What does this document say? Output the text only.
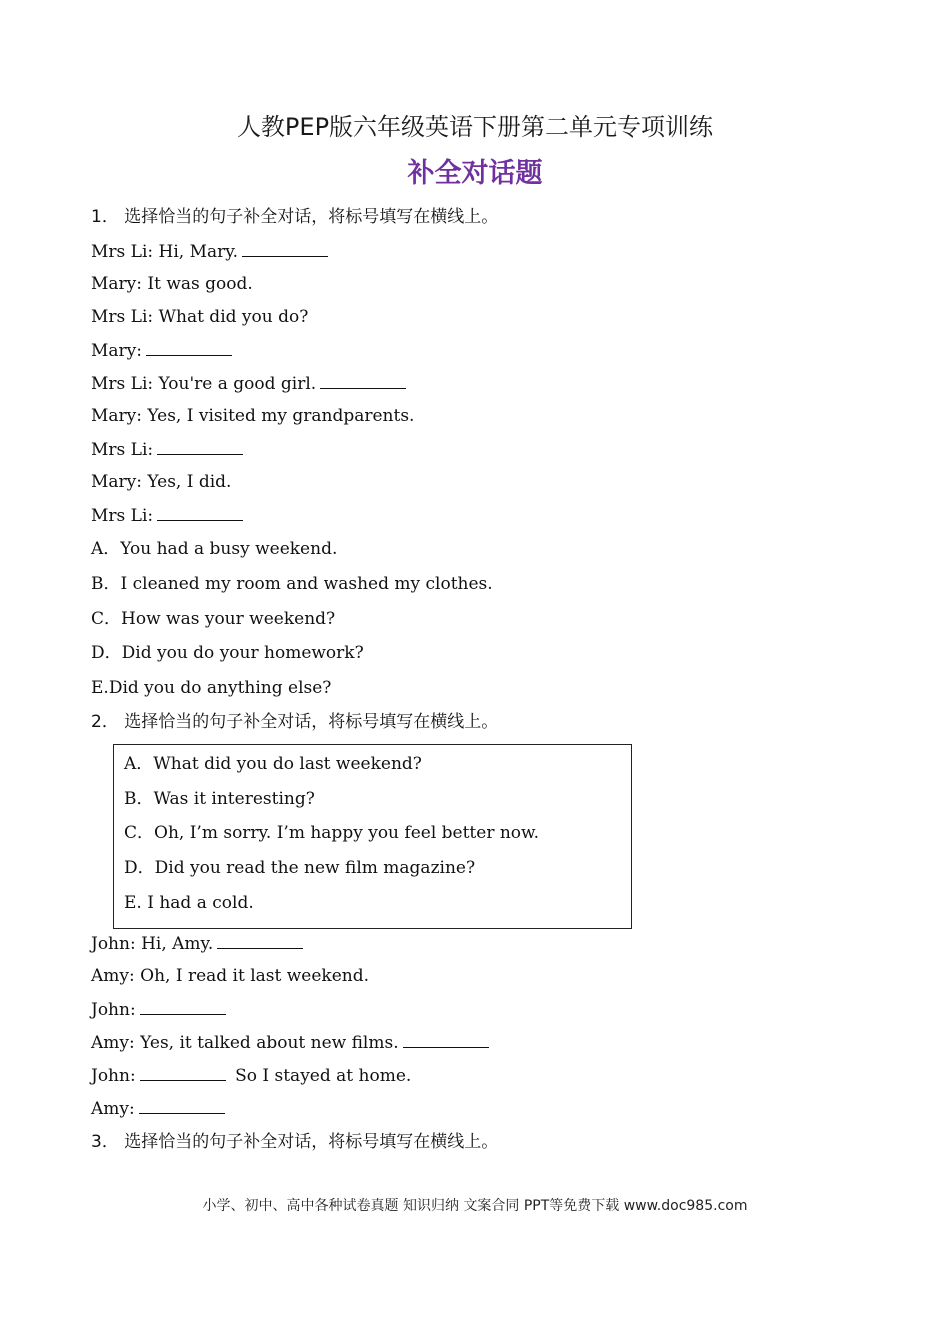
人教PEP版六年级英语下册第二单元专项训练
补全对话题
1． 选择恰当的句子补全对话，将标号填写在横线上。
Mrs Li: Hi, Mary.
Mary: It was good.
Mrs Li: What did you do?
Mary:
Mrs Li: You're a good girl.
Mary: Yes, I visited my grandparents.
Mrs Li:
Mary: Yes, I did.
Mrs Li:
A．You had a busy weekend.
B．I cleaned my room and washed my clothes.
C．How was your weekend?
D．Did you do your homework?
E.Did you do anything else?
2． 选择恰当的句子补全对话，将标号填写在横线上。
A．What did you do last weekend?
B．Was it interesting?
C．Oh, I’m sorry. I’m happy you feel better now.
D．Did you read the new film magazine?
E. I had a cold.
John: Hi, Amy.
Amy: Oh, I read it last weekend.
John:
Amy: Yes, it talked about new films.
John:	So I stayed at home.
Amy:
3． 选择恰当的句子补全对话，将标号填写在横线上。
小学、初中、高中各种试卷真题 知识归纳 文案合同 PPT等免费下载 www.doc985.com
